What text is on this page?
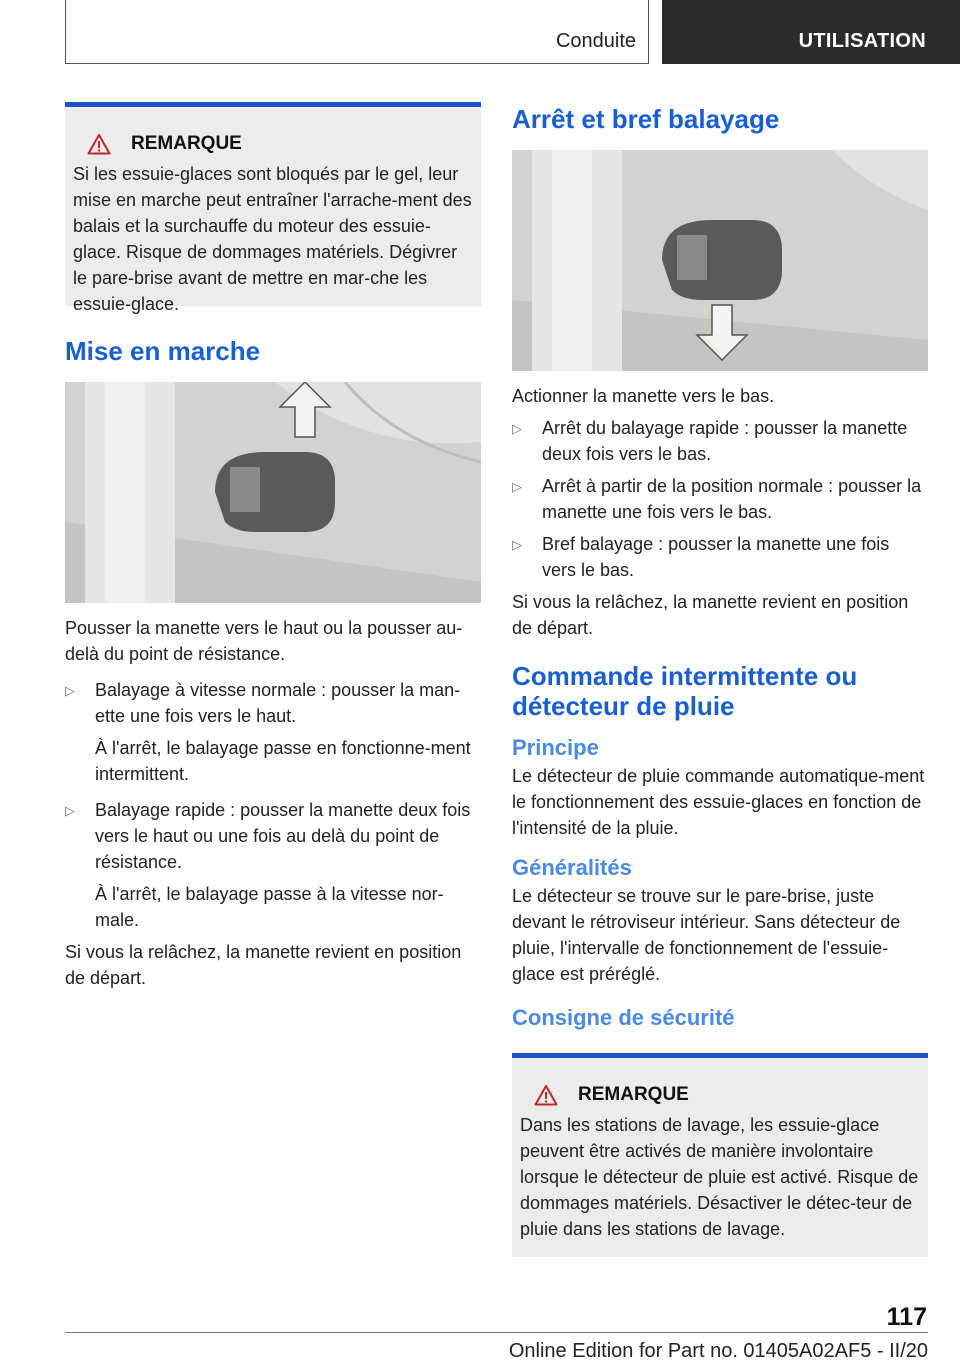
Conduite	UTILISATION
REMARQUE
Si les essuie-glaces sont bloqués par le gel, leur mise en marche peut entraîner l'arrache-ment des balais et la surchauffe du moteur des essuie-glace. Risque de dommages matériels. Dégivrer le pare-brise avant de mettre en mar-che les essuie-glace.
Mise en marche

Pousser la manette vers le haut ou la pousser au-delà du point de résistance.

▷	Balayage à vitesse normale : pousser la man-ette une fois vers le haut.
À l'arrêt, le balayage passe en fonctionne-ment intermittent.
▷	Balayage rapide : pousser la manette deux fois vers le haut ou une fois au delà du point de résistance.
À l'arrêt, le balayage passe à la vitesse nor-male.

Si vous la relâchez, la manette revient en position de départ.

Arrêt et bref balayage

Actionner la manette vers le bas.

▷	Arrêt du balayage rapide : pousser la manette deux fois vers le bas.
▷	Arrêt à partir de la position normale : pousser la manette une fois vers le bas.
▷	Bref balayage : pousser la manette une fois vers le bas.

Si vous la relâchez, la manette revient en position de départ.

Commande intermittente ou détecteur de pluie
Principe

Le détecteur de pluie commande automatique-ment le fonctionnement des essuie-glaces en fonction de l'intensité de la pluie.

Généralités

Le détecteur se trouve sur le pare-brise, juste devant le rétroviseur intérieur. Sans détecteur de pluie, l'intervalle de fonctionnement de l'essuie-glace est préréglé.

Consigne de sécurité
REMARQUE
Dans les stations de lavage, les essuie-glace peuvent être activés de manière involontaire lorsque le détecteur de pluie est activé. Risque de dommages matériels. Désactiver le détec-teur de pluie dans les stations de lavage.
117
Online Edition for Part no. 01405A02AF5 - II/20
